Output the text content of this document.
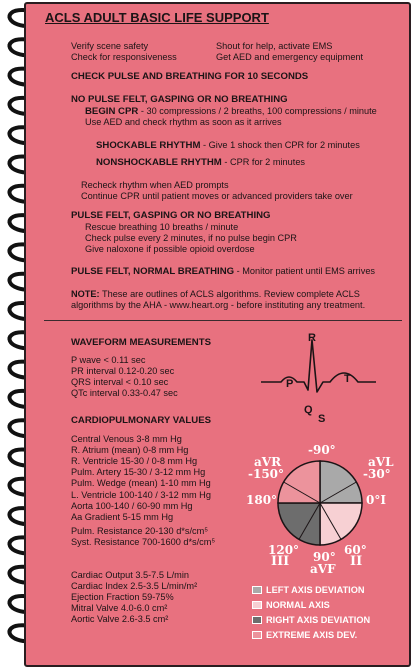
ACLS ADULT BASIC LIFE SUPPORT
Verify scene safety
Check for responsiveness
Shout for help, activate EMS
Get AED and emergency equipment
CHECK PULSE AND BREATHING FOR 10 SECONDS
NO PULSE FELT, GASPING OR NO BREATHING
BEGIN CPR - 30 compressions / 2 breaths, 100 compressions / minute
Use AED and check rhythm as soon as it arrives
SHOCKABLE RHYTHM - Give 1 shock then CPR for 2 minutes
NONSHOCKABLE RHYTHM - CPR for 2 minutes
Recheck rhythm when AED prompts
Continue CPR until patient moves or advanced providers take over
PULSE FELT, GASPING OR NO BREATHING
Rescue breathing 10 breaths / minute
Check pulse every 2 minutes, if no pulse begin CPR
Give naloxone if possible opioid overdose
PULSE FELT, NORMAL BREATHING - Monitor patient until EMS arrives
NOTE: These are outlines of ACLS algorithms. Review complete ACLS
algorithms by the AHA - www.heart.org - before instituting any treatment.
WAVEFORM MEASUREMENTS
P wave < 0.11 sec
PR interval 0.12-0.20 sec
QRS interval < 0.10 sec
QTc interval 0.33-0.47 sec
R
P	T
Q
S
CARDIOPULMONARY VALUES
Central Venous 3-8 mm Hg
R. Atrium (mean) 0-8 mm Hg
R. Ventricle 15-30 / 0-8 mm Hg
Pulm. Artery 15-30 / 3-12 mm Hg
Pulm. Wedge (mean) 1-10 mm Hg
L. Ventricle 100-140 / 3-12 mm Hg
Aorta 100-140 / 60-90 mm Hg
Aa Gradient 5-15 mm Hg
Pulm. Resistance 20-130 d*s/cm⁵
Syst. Resistance 700-1600 d*s/cm⁵
Cardiac Output 3.5-7.5 L/min
Cardiac Index 2.5-3.5 L/min/m²
Ejection Fraction 59-75%
Mitral Valve 4.0-6.0 cm²
Aortic Valve 2.6-3.5 cm²
-90°
aVR
-150°
aVL
-30°
180°	0°I
120°
III 90°
aVF
60°
II
LEFT AXIS DEVIATION
NORMAL AXIS
RIGHT AXIS DEVIATION
EXTREME AXIS DEV.
